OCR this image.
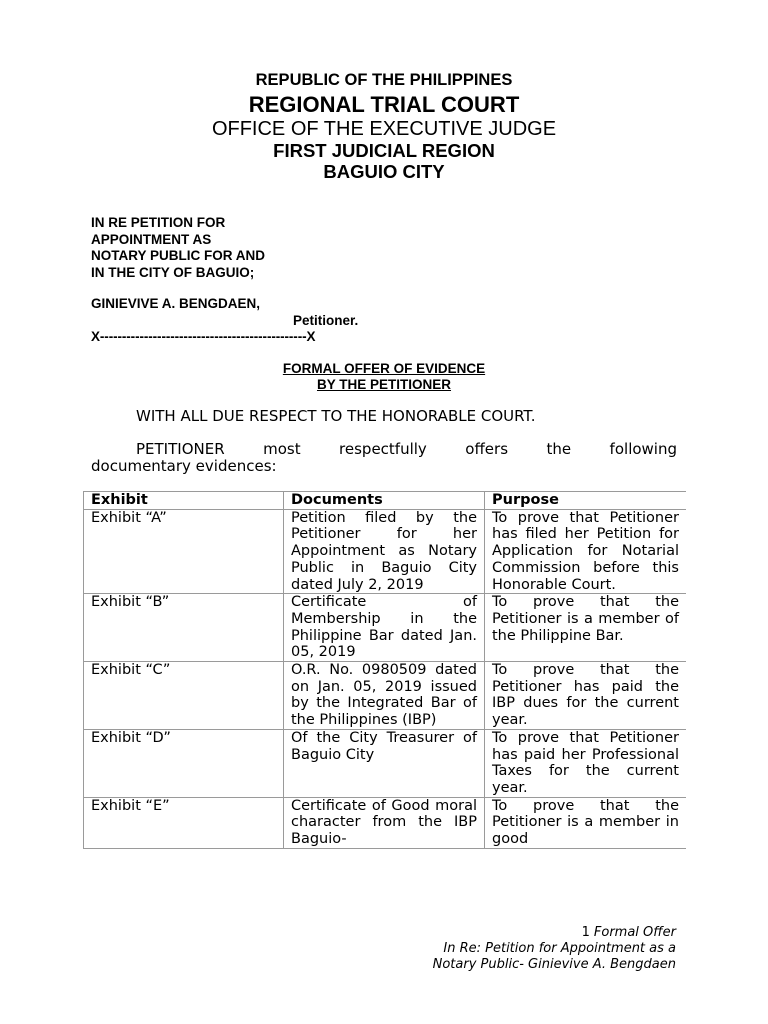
REPUBLIC OF THE PHILIPPINES
REGIONAL TRIAL COURT
OFFICE OF THE EXECUTIVE JUDGE
FIRST JUDICIAL REGION
BAGUIO CITY
IN RE PETITION FOR
APPOINTMENT AS
NOTARY PUBLIC FOR AND
IN THE CITY OF BAGUIO;
GINIEVIVE A. BENGDAEN,
Petitioner.
X-----------------------------------------------X
FORMAL OFFER OF EVIDENCE
BY THE PETITIONER
WITH ALL DUE RESPECT TO THE HONORABLE COURT.
PETITIONER most respectfully offers the following
documentary evidences:
Exhibit	Documents	Purpose
Exhibit “A”	Petition filed by the Petitioner for her Appointment as Notary Public in Baguio City dated July 2, 2019	To prove that Petitioner has filed her Petition for Application for Notarial Commission before this Honorable Court.
Exhibit “B”	Certificate of Membership in the Philippine Bar dated Jan. 05, 2019	To prove that the Petitioner is a member of the Philippine Bar.
Exhibit “C”	O.R. No. 0980509 dated on Jan. 05, 2019 issued by the Integrated Bar of the Philippines (IBP)	To prove that the Petitioner has paid the IBP dues for the current year.
Exhibit “D”	Of the City Treasurer of Baguio City	To prove that Petitioner has paid her Professional Taxes for the current year.
Exhibit “E”	Certificate of Good moral character from the IBP Baguio-	To prove that the Petitioner is a member in good
1 Formal Offer
In Re: Petition for Appointment as a
Notary Public- Ginievive A. Bengdaen
